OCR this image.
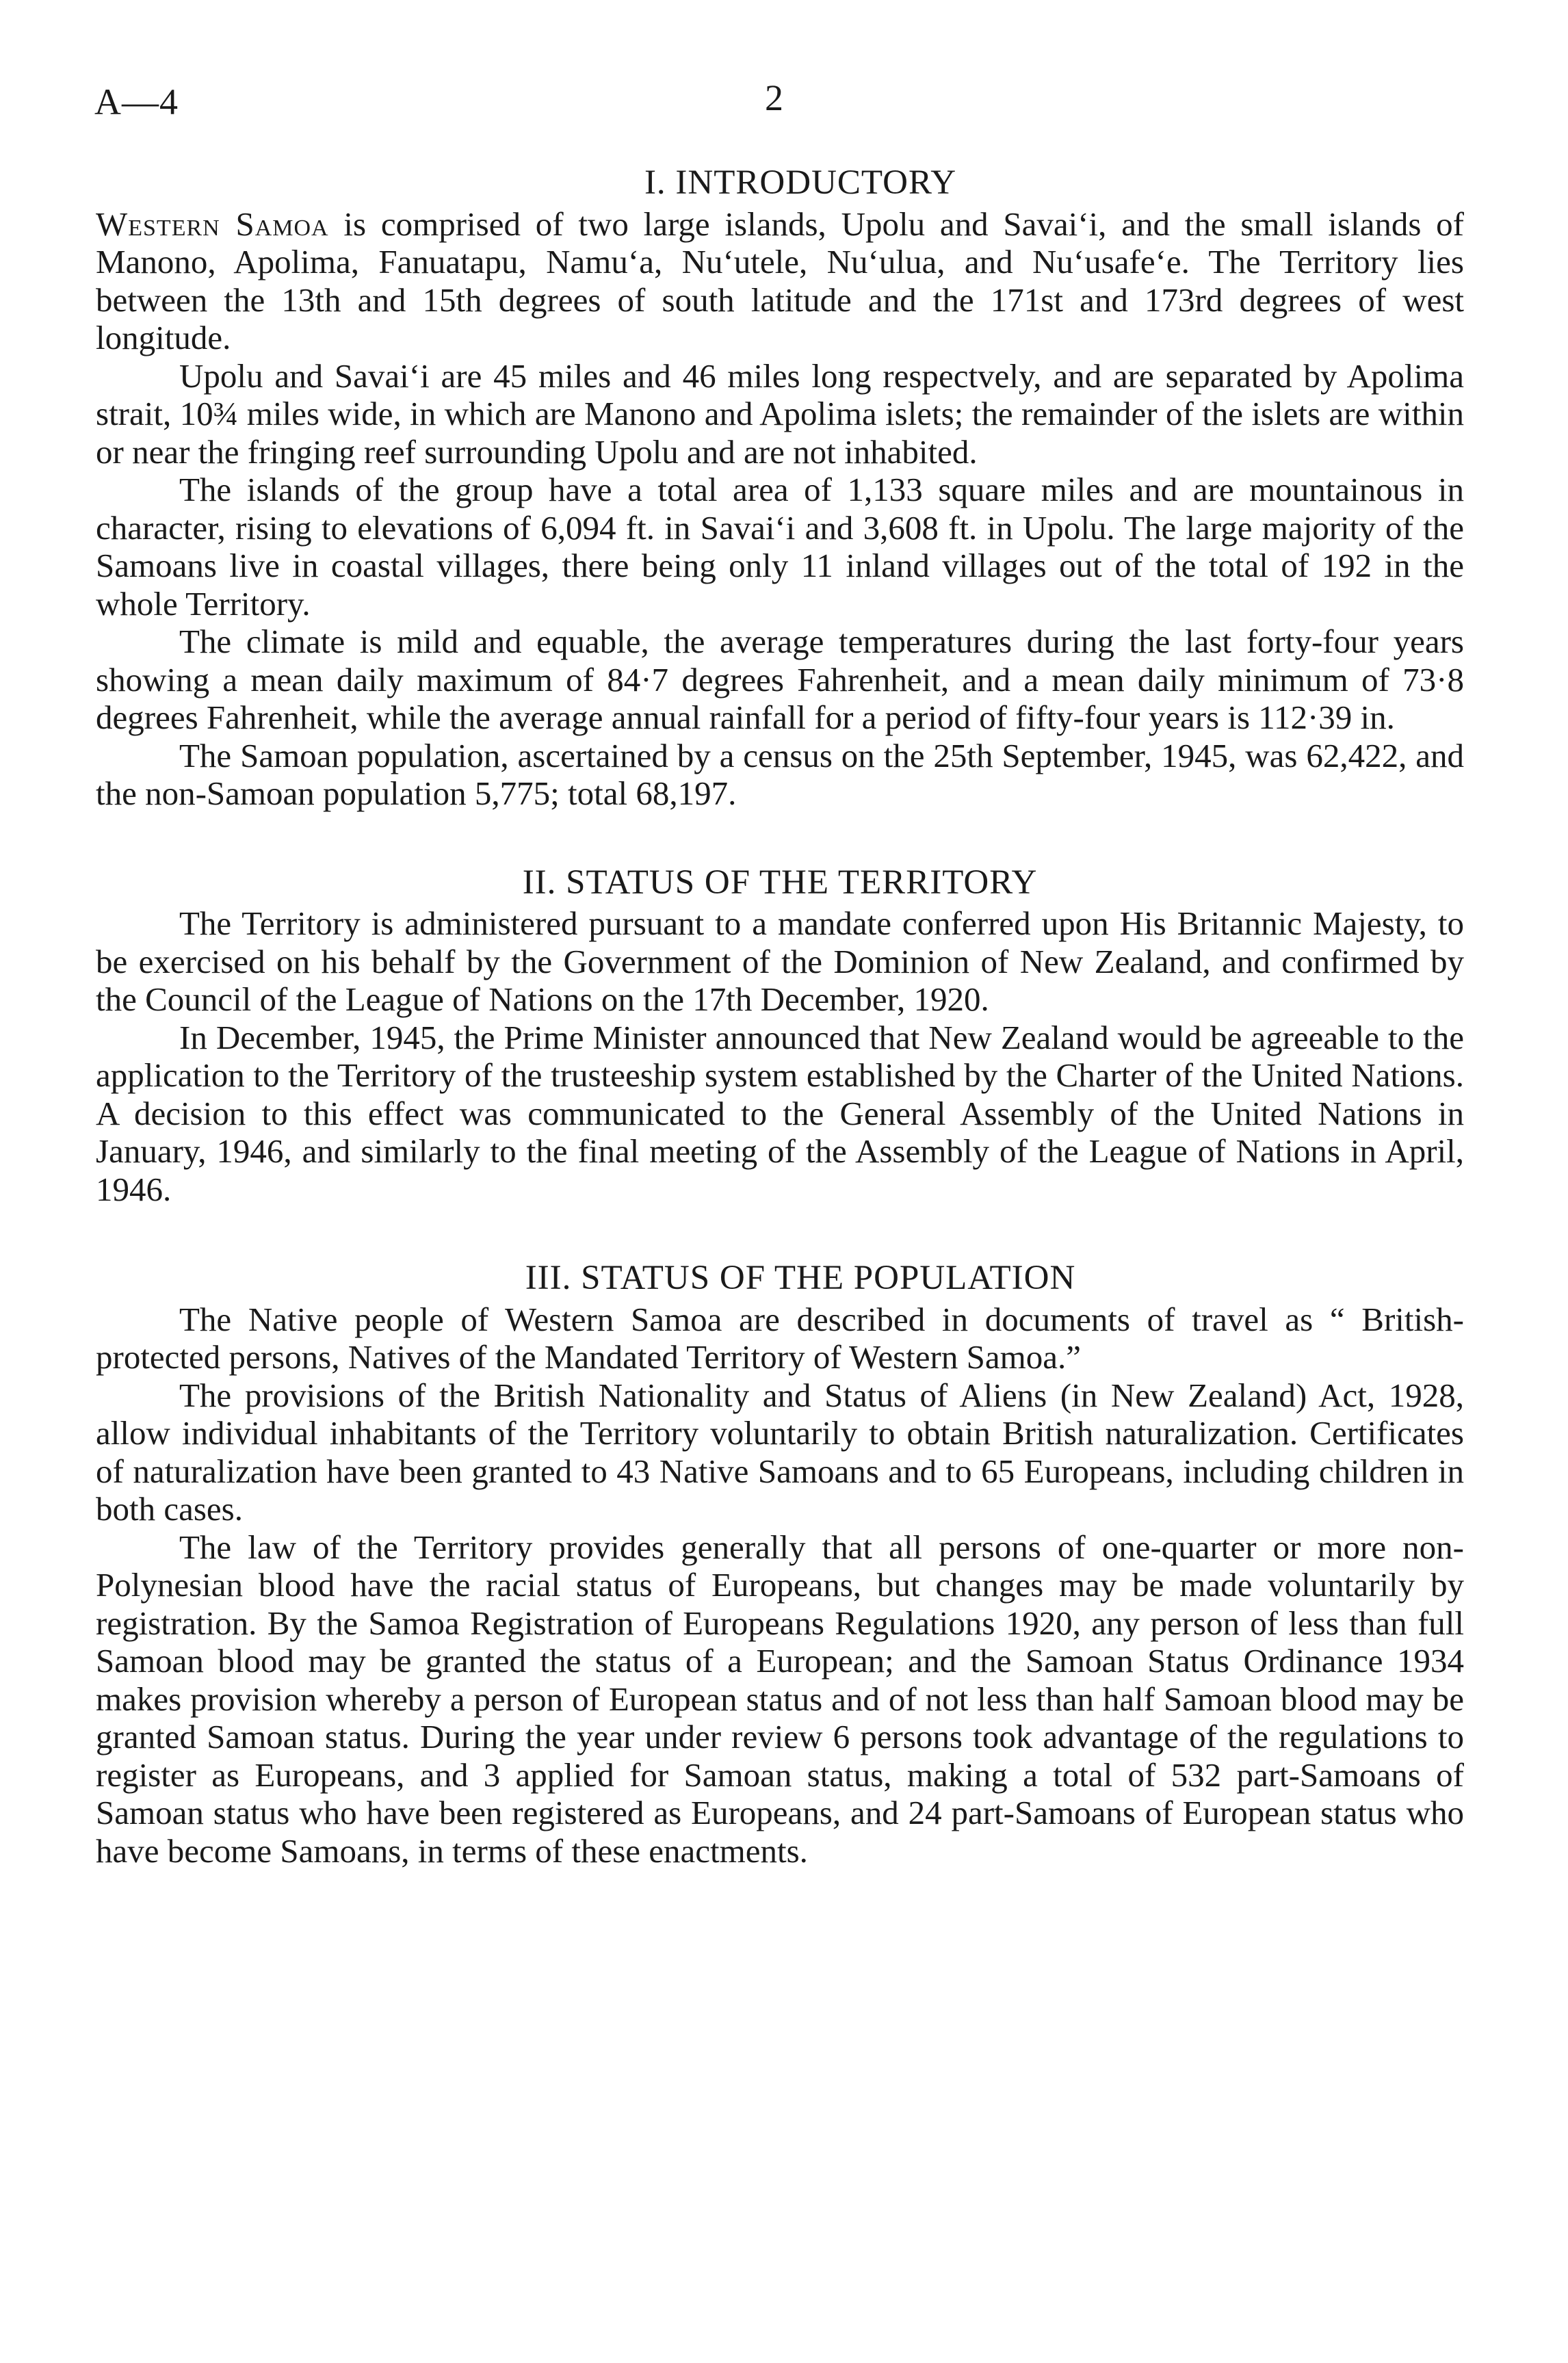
A—4	2
I. INTRODUCTORY

Western Samoa is comprised of two large islands, Upolu and Savai‘i, and the small islands of Manono, Apolima, Fanuatapu, Namu‘a, Nu‘utele, Nu‘ulua, and Nu‘usafe‘e. The Territory lies between the 13th and 15th degrees of south latitude and the 171st and 173rd degrees of west longitude.

Upolu and Savai‘i are 45 miles and 46 miles long respectvely, and are separated by Apolima strait, 10¾ miles wide, in which are Manono and Apolima islets; the remainder of the islets are within or near the fringing reef surrounding Upolu and are not inhabited.

The islands of the group have a total area of 1,133 square miles and are mountainous in character, rising to elevations of 6,094 ft. in Savai‘i and 3,608 ft. in Upolu. The large majority of the Samoans live in coastal villages, there being only 11 inland villages out of the total of 192 in the whole Territory.

The climate is mild and equable, the average temperatures during the last forty-four years showing a mean daily maximum of 84·7 degrees Fahrenheit, and a mean daily minimum of 73·8 degrees Fahrenheit, while the average annual rainfall for a period of fifty-four years is 112·39 in.

The Samoan population, ascertained by a census on the 25th September, 1945, was 62,422, and the non-Samoan population 5,775; total 68,197.

II. STATUS OF THE TERRITORY

The Territory is administered pursuant to a mandate conferred upon His Britannic Majesty, to be exercised on his behalf by the Government of the Dominion of New Zealand, and confirmed by the Council of the League of Nations on the 17th December, 1920.

In December, 1945, the Prime Minister announced that New Zealand would be agreeable to the application to the Territory of the trusteeship system established by the Charter of the United Nations. A decision to this effect was communicated to the General Assembly of the United Nations in January, 1946, and similarly to the final meeting of the Assembly of the League of Nations in April, 1946.

III. STATUS OF THE POPULATION

The Native people of Western Samoa are described in documents of travel as “ British-protected persons, Natives of the Mandated Territory of Western Samoa.”

The provisions of the British Nationality and Status of Aliens (in New Zealand) Act, 1928, allow individual inhabitants of the Territory voluntarily to obtain British naturalization. Certificates of naturalization have been granted to 43 Native Samoans and to 65 Europeans, including children in both cases.

The law of the Territory provides generally that all persons of one-quarter or more non-Polynesian blood have the racial status of Europeans, but changes may be made voluntarily by registration. By the Samoa Registration of Europeans Regulations 1920, any person of less than full Samoan blood may be granted the status of a European; and the Samoan Status Ordinance 1934 makes provision whereby a person of European status and of not less than half Samoan blood may be granted Samoan status. During the year under review 6 persons took advantage of the regulations to register as Europeans, and 3 applied for Samoan status, making a total of 532 part-Samoans of Samoan status who have been registered as Europeans, and 24 part-Samoans of European status who have become Samoans, in terms of these enactments.
